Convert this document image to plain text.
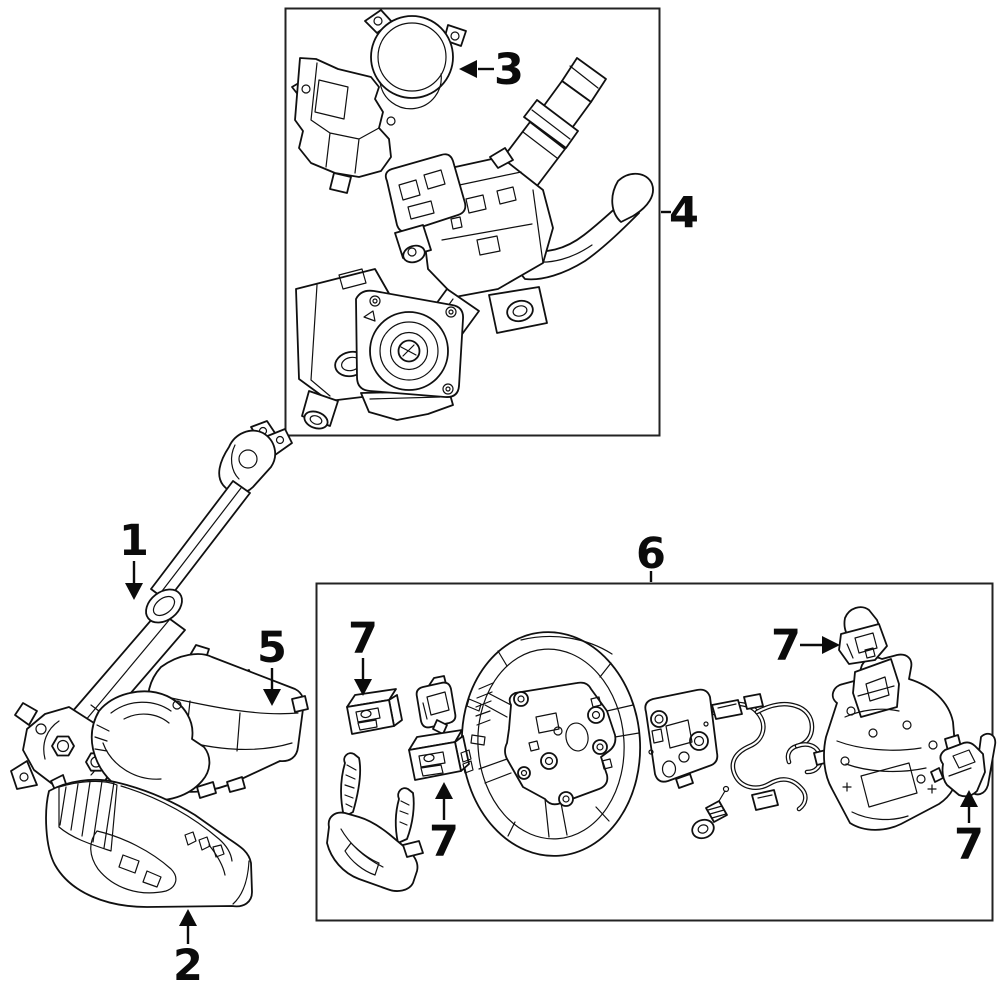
1
2
3
4
5
6
7
7
7
7
